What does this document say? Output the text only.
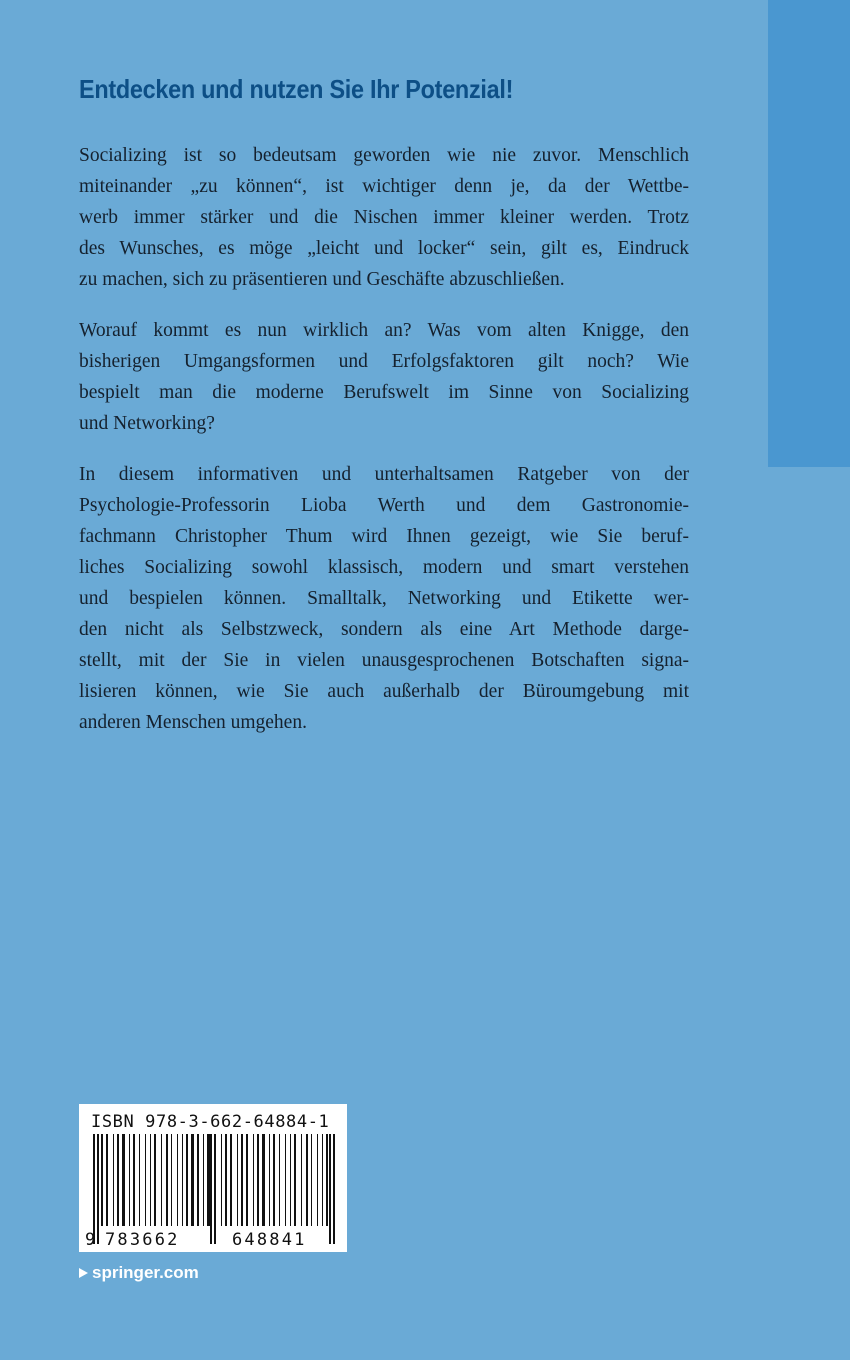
Entdecken und nutzen Sie Ihr Potenzial!

Socializing ist so bedeutsam geworden wie nie zuvor. Menschlich
miteinander „zu können“, ist wichtiger denn je, da der Wettbe-
werb immer stärker und die Nischen immer kleiner werden. Trotz
des Wunsches, es möge „leicht und locker“ sein, gilt es, Eindruck
zu machen, sich zu präsentieren und Geschäfte abzuschließen.

Worauf kommt es nun wirklich an? Was vom alten Knigge, den
bisherigen Umgangsformen und Erfolgsfaktoren gilt noch? Wie
bespielt man die moderne Berufswelt im Sinne von Socializing
und Networking?

In diesem informativen und unterhaltsamen Ratgeber von der
Psychologie-Professorin Lioba Werth und dem Gastronomie-
fachmann Christopher Thum wird Ihnen gezeigt, wie Sie beruf-
liches Socializing sowohl klassisch, modern und smart verstehen
und bespielen können. Smalltalk, Networking und Etikette wer-
den nicht als Selbstzweck, sondern als eine Art Methode darge-
stellt, mit der Sie in vielen unausgesprochenen Botschaften signa-
lisieren können, wie Sie auch außerhalb der Büroumgebung mit
anderen Menschen umgehen.

ISBN 978-3-662-64884-1
9 783662	648841
springer.com
